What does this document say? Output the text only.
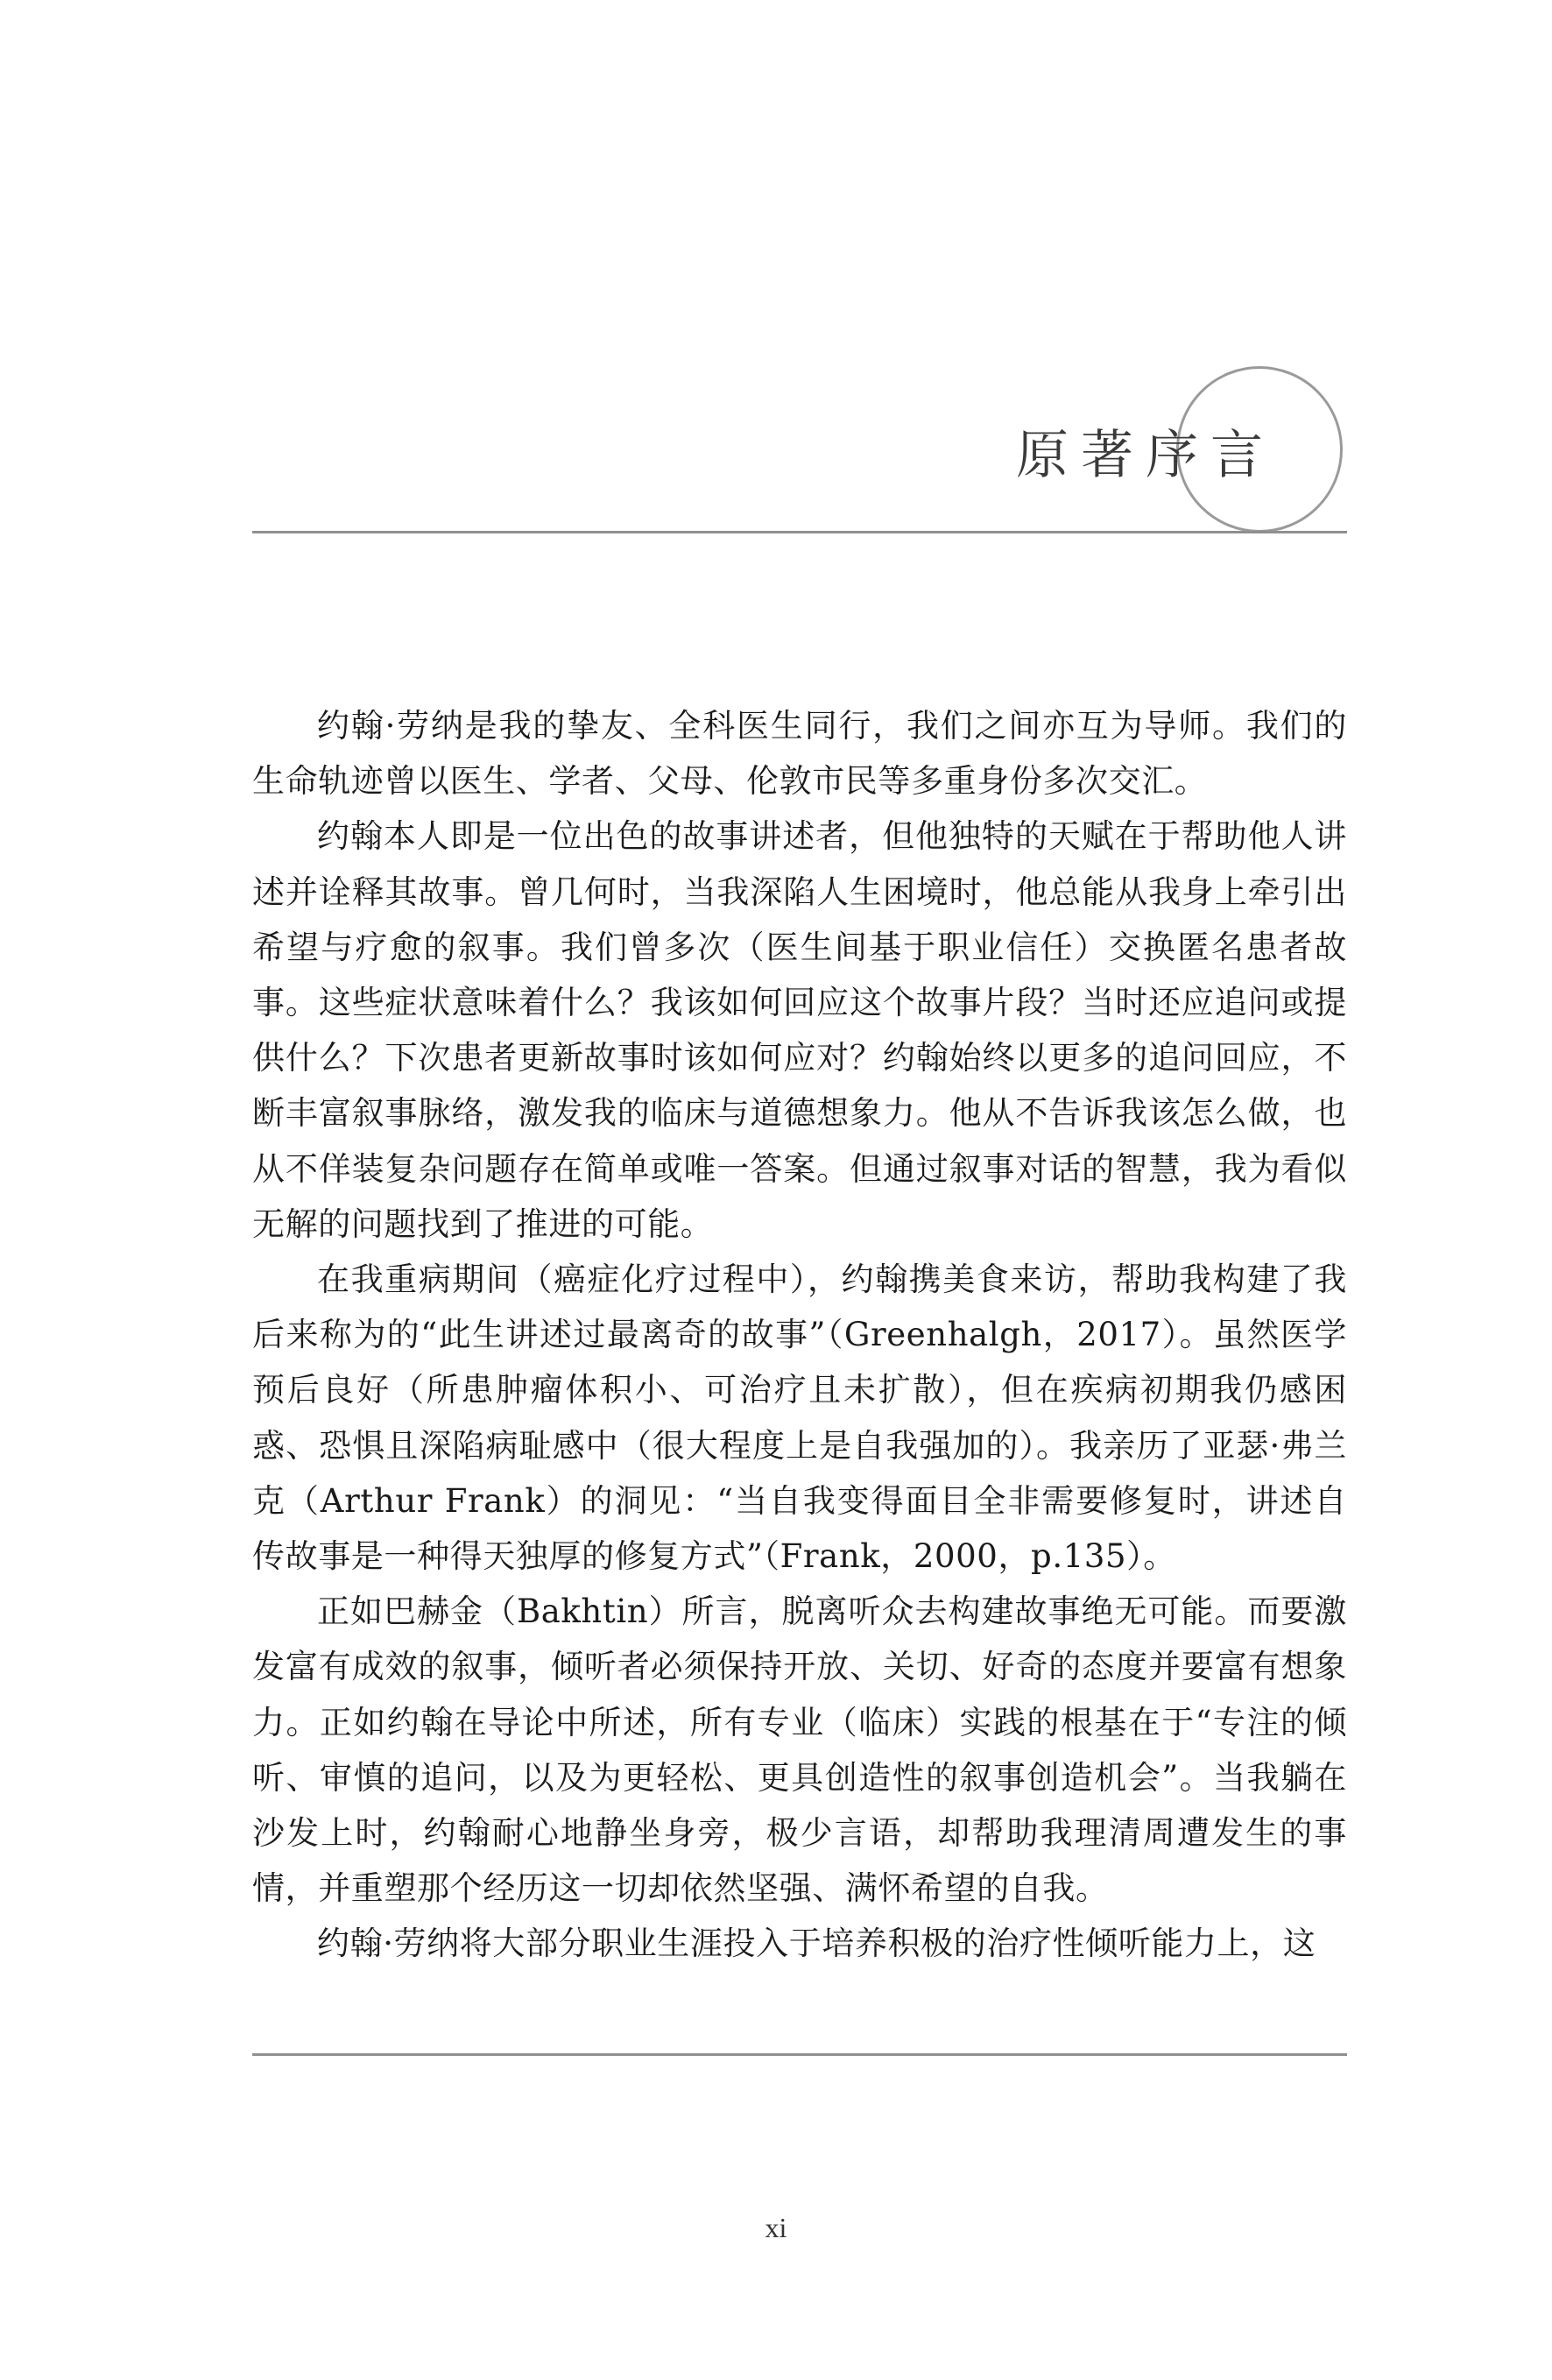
原著序言

约翰·劳纳是我的挚友、全科医生同行，我们之间亦互为导师。我们的生命轨迹曾以医生、学者、父母、伦敦市民等多重身份多次交汇。

约翰本人即是一位出色的故事讲述者，但他独特的天赋在于帮助他人讲述并诠释其故事。曾几何时，当我深陷人生困境时，他总能从我身上牵引出希望与疗愈的叙事。我们曾多次（医生间基于职业信任）交换匿名患者故事。这些症状意味着什么？我该如何回应这个故事片段？当时还应追问或提供什么？下次患者更新故事时该如何应对？约翰始终以更多的追问回应，不断丰富叙事脉络，激发我的临床与道德想象力。他从不告诉我该怎么做，也从不佯装复杂问题存在简单或唯一答案。但通过叙事对话的智慧，我为看似无解的问题找到了推进的可能。

在我重病期间（癌症化疗过程中），约翰携美食来访，帮助我构建了我后来称为的“此生讲述过最离奇的故事”（Greenhalgh，2017）。虽然医学预后良好（所患肿瘤体积小、可治疗且未扩散），但在疾病初期我仍感困惑、恐惧且深陷病耻感中（很大程度上是自我强加的）。我亲历了亚瑟·弗兰克（Arthur Frank）的洞见：“当自我变得面目全非需要修复时，讲述自传故事是一种得天独厚的修复方式”（Frank，2000，p.135）。

正如巴赫金（Bakhtin）所言，脱离听众去构建故事绝无可能。而要激发富有成效的叙事，倾听者必须保持开放、关切、好奇的态度并要富有想象力。正如约翰在导论中所述，所有专业（临床）实践的根基在于“专注的倾听、审慎的追问，以及为更轻松、更具创造性的叙事创造机会”。当我躺在沙发上时，约翰耐心地静坐身旁，极少言语，却帮助我理清周遭发生的事情，并重塑那个经历这一切却依然坚强、满怀希望的自我。

约翰·劳纳将大部分职业生涯投入于培养积极的治疗性倾听能力上，这

xi
